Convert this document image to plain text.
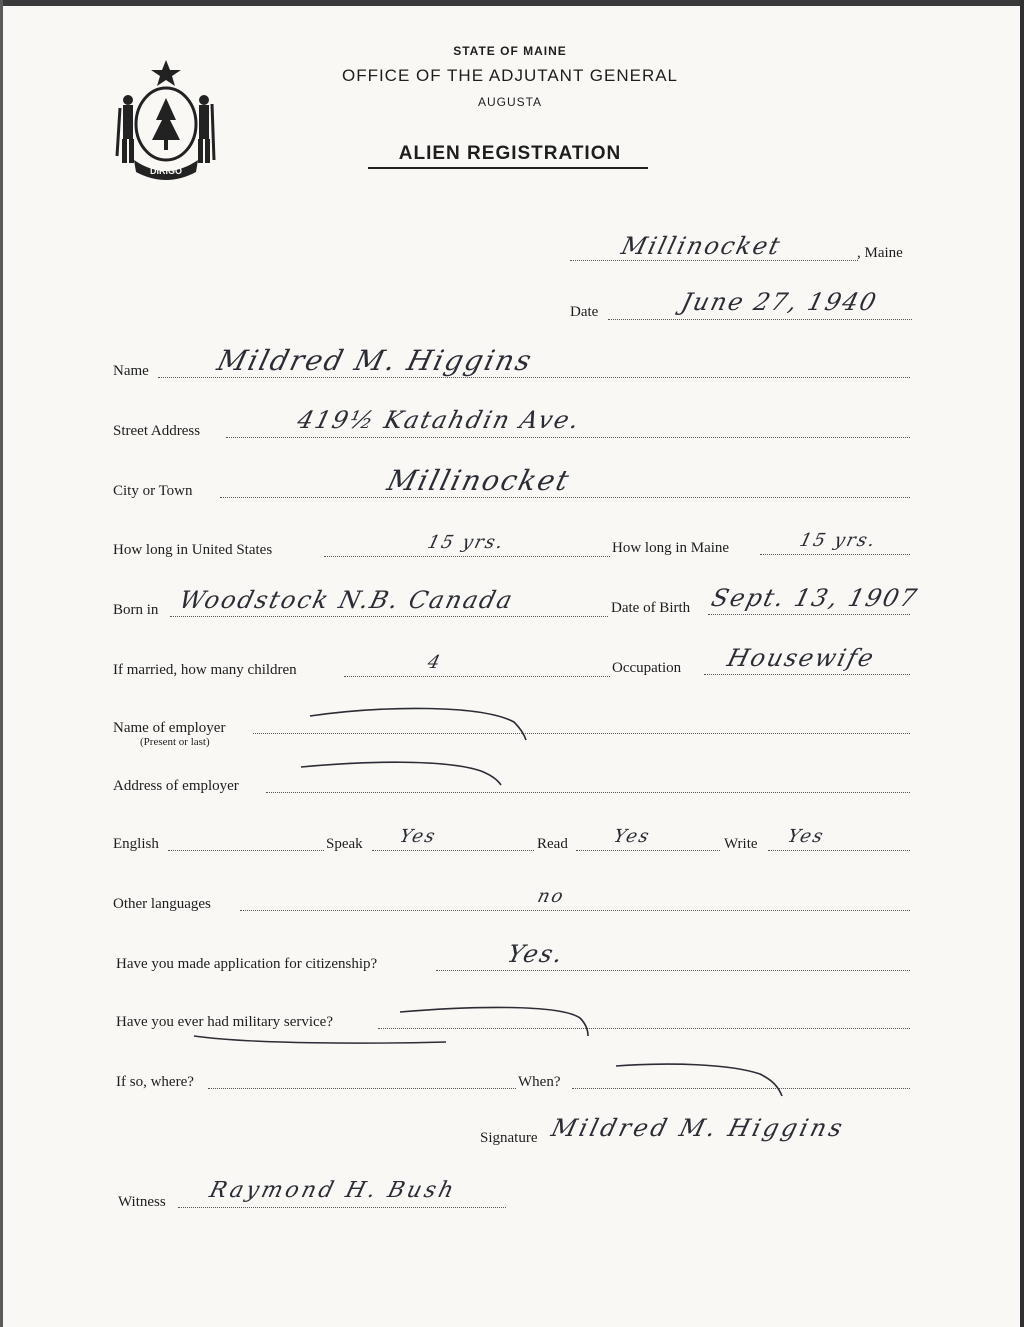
DIRIGO
STATE OF MAINE
OFFICE OF THE ADJUTANT GENERAL
AUGUSTA
ALIEN REGISTRATION
Millinocket	, Maine
Date	June 27, 1940
Name Mildred M. Higgins
Street Address	419½ Katahdin Ave.
City or Town	Millinocket
How long in United States	15 yrs.	How long in Maine	15 yrs.
Born in Woodstock N.B. Canada	Date of Birth Sept. 13, 1907
If married, how many children	4	Occupation Housewife
Name of employer
(Present or last)
Address of employer
English	Speak Yes	Read Yes	Write Yes
Other languages	no
Have you made application for citizenship?	Yes.
Have you ever had military service?
If so, where?	When?
Signature Mildred M. Higgins
Witness Raymond H. Bush
